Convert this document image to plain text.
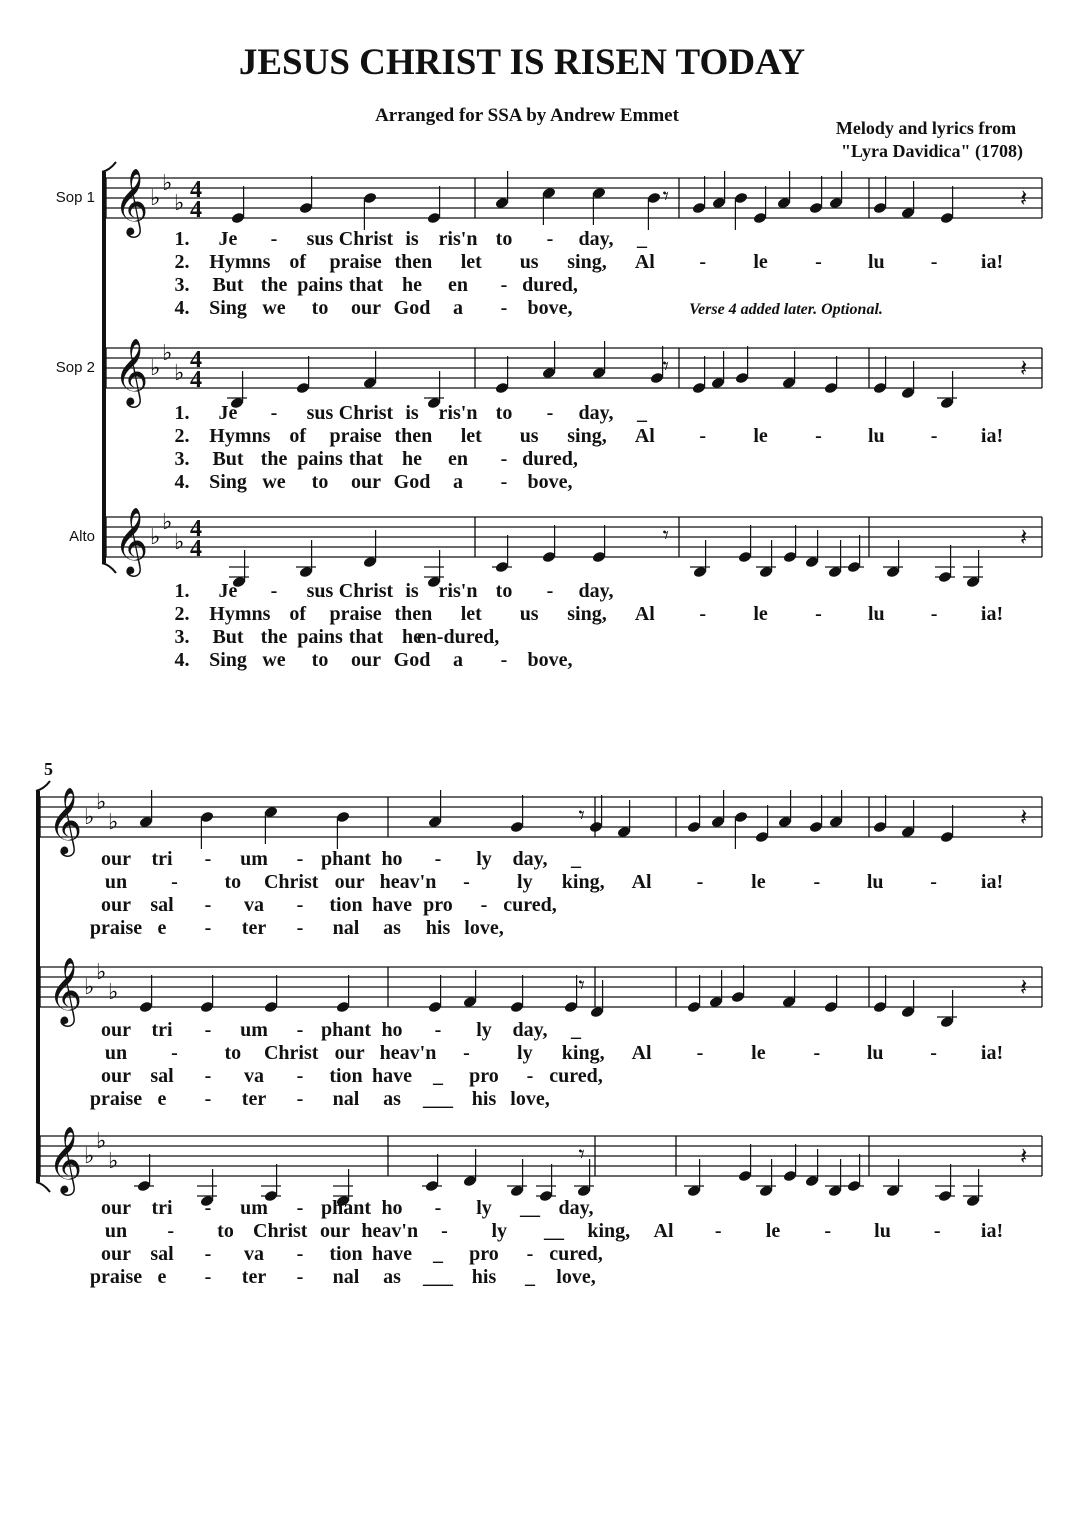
JESUS CHRIST IS RISEN TODAY
Arranged for SSA by Andrew Emmet
Melody and lyrics from
"Lyra Davidica" (1708)
Sop 1 𝄞 ♭
♭
♭
4
4	𝄾	𝄽
1. Je - sus Christ is ris'n to - day, _
2. Hymns of praise then let us sing, Al - le - lu - ia!
3. But the pains that he en - dured,
4. Sing we to our God a - bove,	Verse 4 added later. Optional.
Sop 2 𝄞 ♭
♭
♭
4
4	𝄾	𝄽
1. Je - sus Christ is ris'n to - day, _
2. Hymns of praise then let us sing, Al - le - lu - ia!
3. But the pains that he en - dured,
4. Sing we to our God a - bove,
Alto 𝄞 ♭
♭
♭
4
4	𝄾	𝄽
1. Je - sus Christ is ris'n to - day,
2. Hymns of praise then let us sing, Al - le - lu - ia!
3. But the pains that he
en-dured,
4. Sing we to our God a - bove,
5
𝄞 ♭
♭
♭	𝄾	𝄽
our tri - um - phant ho - ly day, _
un - to Christ our heav'n - ly king, Al - le - lu - ia!
our sal - va - tion have pro - cured,
praise e - ter - nal as his love,
𝄞 ♭
♭
♭	𝄾	𝄽
our tri - um - phant ho - ly day, _
un - to Christ our heav'n - ly king, Al - le - lu - ia!
our sal - va - tion have _ pro - cured,
praise e - ter - nal as ___ his love,
𝄞 ♭
♭
♭	𝄾	𝄽
our tri - um - phant ho - ly __ day,
un - to Christ our heav'n - ly __ king, Al - le - lu - ia!
our sal - va - tion have _ pro - cured,
praise e - ter - nal as ___ his _ love,
